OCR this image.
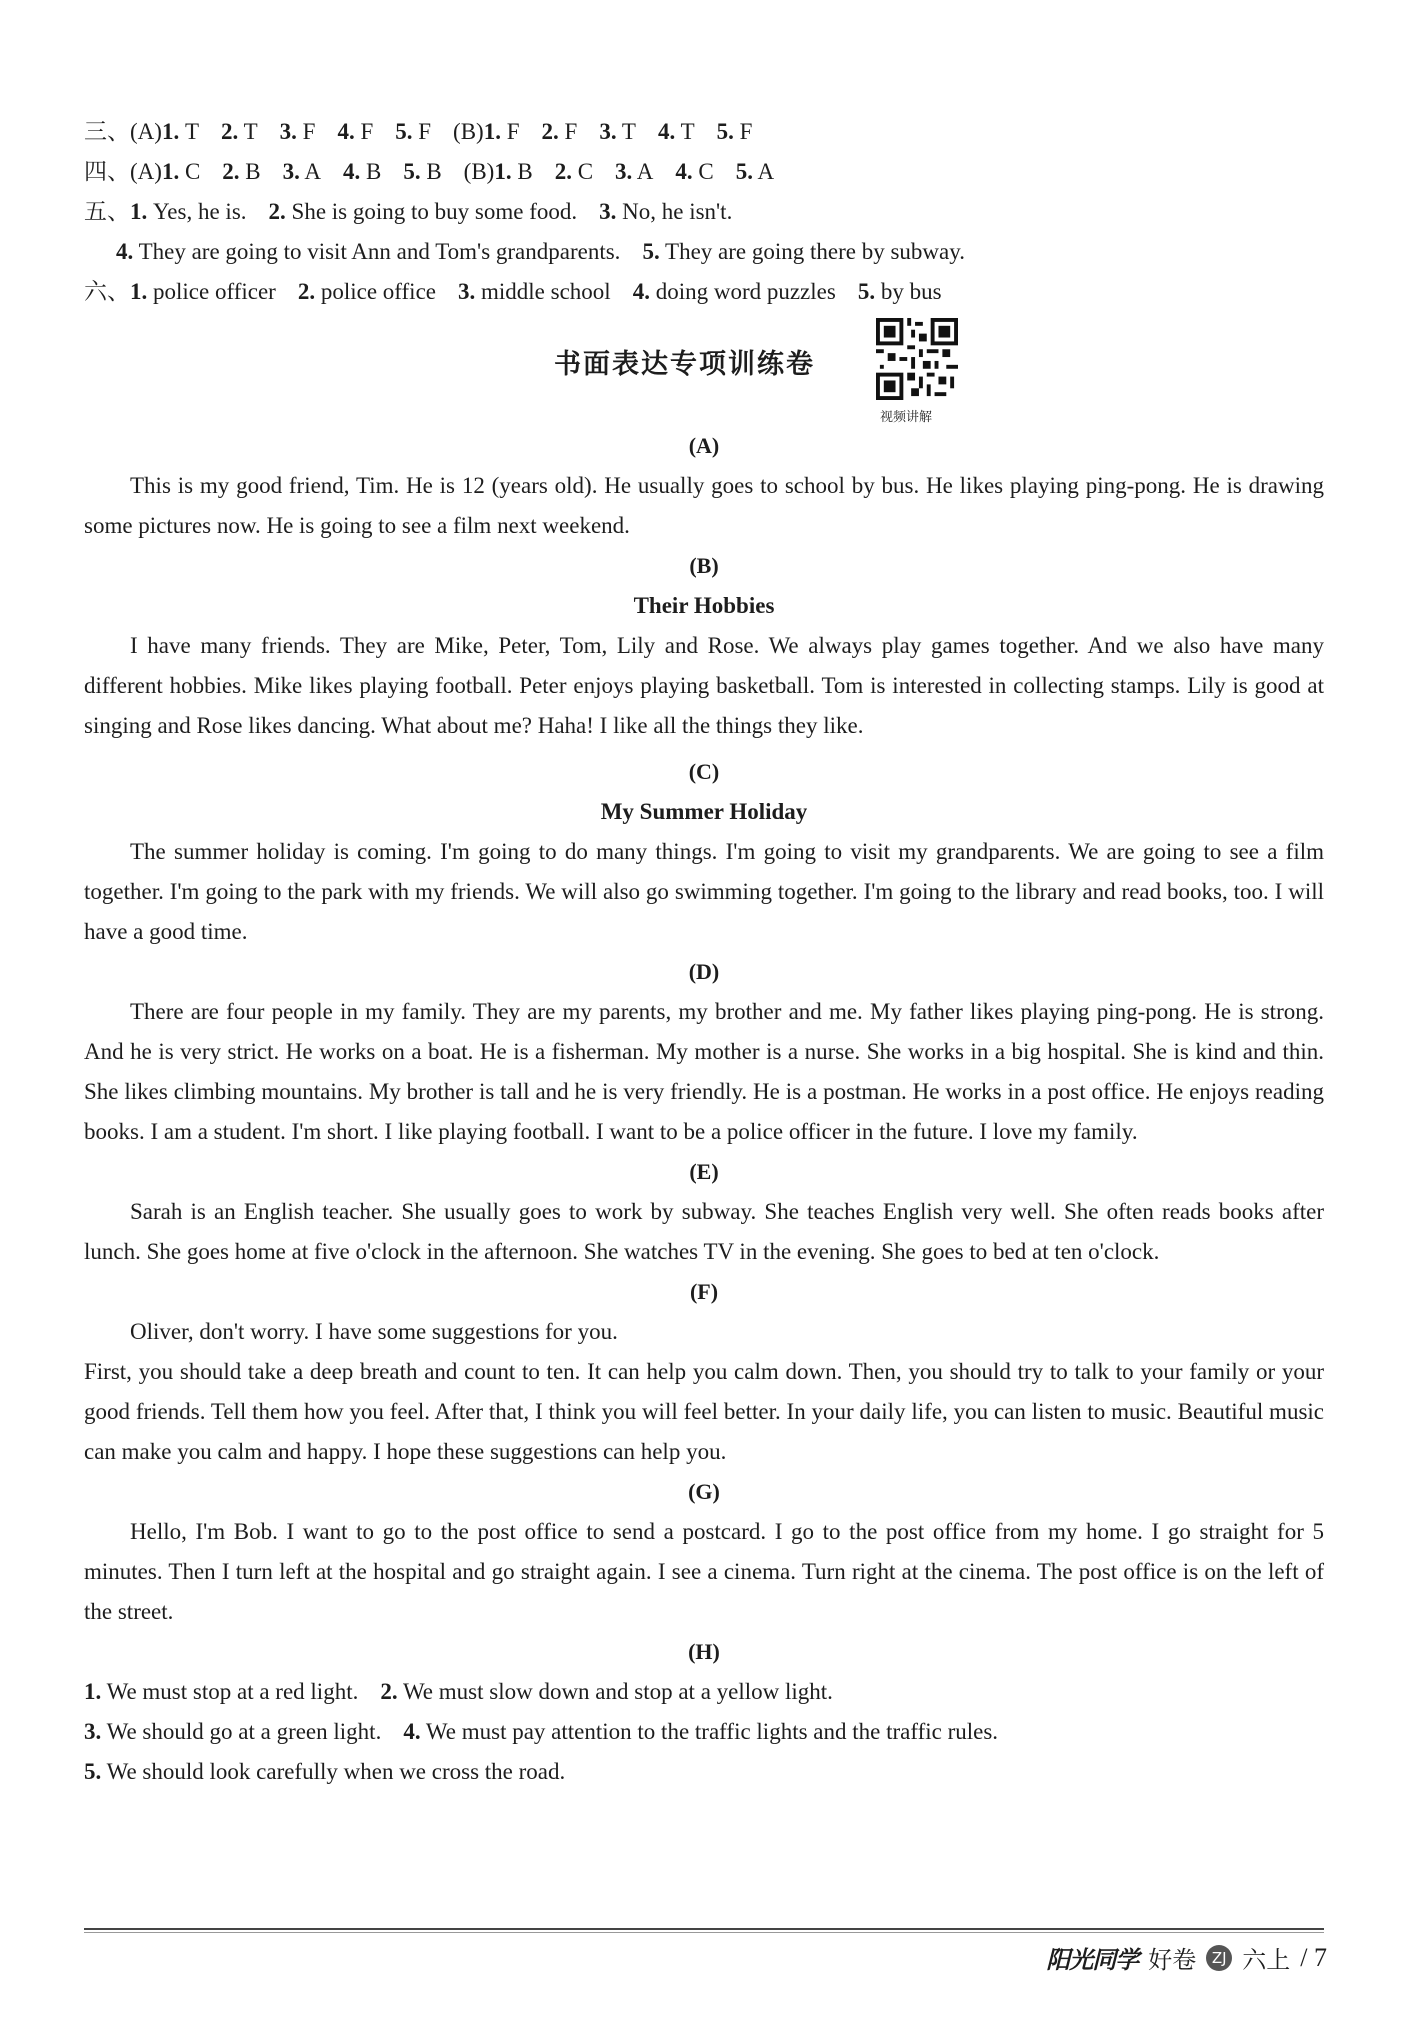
三、(A)1. T 2. T 3. F 4. F 5. F (B)1. F 2. F 3. T 4. T 5. F
四、(A)1. C 2. B 3. A 4. B 5. B (B)1. B 2. C 3. A 4. C 5. A
五、1. Yes, he is. 2. She is going to buy some food. 3. No, he isn't.
4. They are going to visit Ann and Tom's grandparents. 5. They are going there by subway.
六、1. police officer 2. police office 3. middle school 4. doing word puzzles 5. by bus
书面表达专项训练卷
视频讲解
(A)

This is my good friend, Tim. He is 12 (years old). He usually goes to school by bus. He likes playing ping-pong. He is drawing some pictures now. He is going to see a film next weekend.

(B)
Their Hobbies

I have many friends. They are Mike, Peter, Tom, Lily and Rose. We always play games together. And we also have many different hobbies. Mike likes playing football. Peter enjoys playing basketball. Tom is interested in collecting stamps. Lily is good at singing and Rose likes dancing. What about me? Haha! I like all the things they like.

(C)
My Summer Holiday

The summer holiday is coming. I'm going to do many things. I'm going to visit my grandparents. We are going to see a film together. I'm going to the park with my friends. We will also go swimming together. I'm going to the library and read books, too. I will have a good time.

(D)

There are four people in my family. They are my parents, my brother and me. My father likes playing ping-pong. He is strong. And he is very strict. He works on a boat. He is a fisherman. My mother is a nurse. She works in a big hospital. She is kind and thin. She likes climbing mountains. My brother is tall and he is very friendly. He is a postman. He works in a post office. He enjoys reading books. I am a student. I'm short. I like playing football. I want to be a police officer in the future. I love my family.

(E)

Sarah is an English teacher. She usually goes to work by subway. She teaches English very well. She often reads books after lunch. She goes home at five o'clock in the afternoon. She watches TV in the evening. She goes to bed at ten o'clock.

(F)

Oliver, don't worry. I have some suggestions for you.

First, you should take a deep breath and count to ten. It can help you calm down. Then, you should try to talk to your family or your good friends. Tell them how you feel. After that, I think you will feel better. In your daily life, you can listen to music. Beautiful music can make you calm and happy. I hope these suggestions can help you.

(G)

Hello, I'm Bob. I want to go to the post office to send a postcard. I go to the post office from my home. I go straight for 5 minutes. Then I turn left at the hospital and go straight again. I see a cinema. Turn right at the cinema. The post office is on the left of the street.

(H)
1. We must stop at a red light. 2. We must slow down and stop at a yellow light.
3. We should go at a green light. 4. We must pay attention to the traffic lights and the traffic rules.
5. We should look carefully when we cross the road.
阳光同学 好卷	ZJ 六上 / 7
